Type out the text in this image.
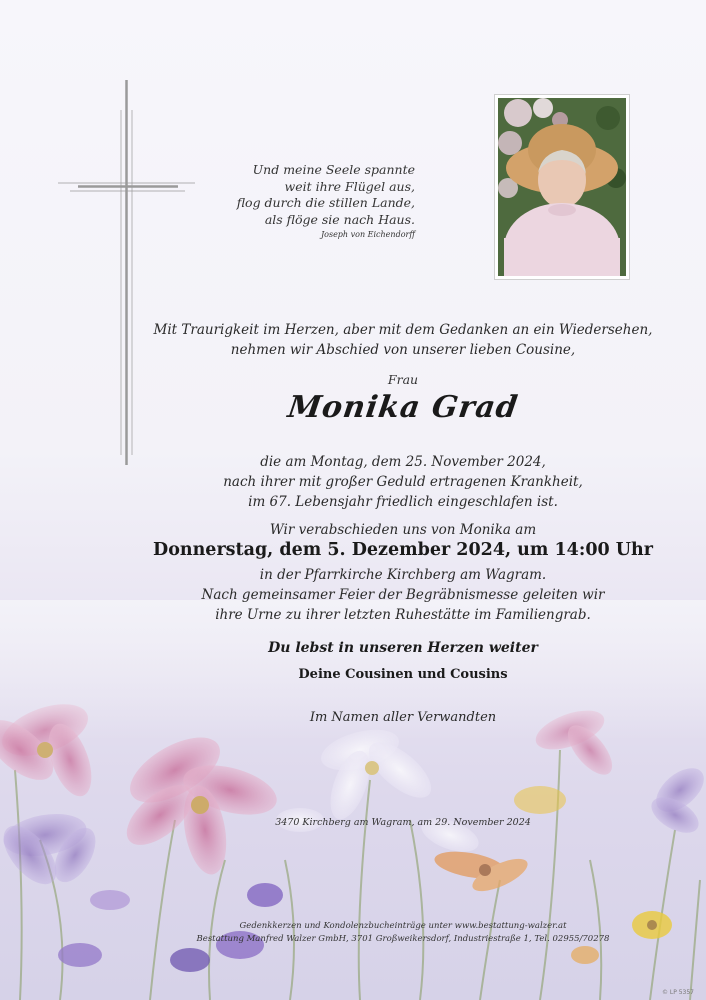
Und meine Seele spannte
weit ihre Flügel aus,
flog durch die stillen Lande,
als flöge sie nach Haus.
Joseph von Eichendorff
Mit Traurigkeit im Herzen, aber mit dem Gedanken an ein Wiedersehen,
nehmen wir Abschied von unserer lieben Cousine,
Frau
Monika Grad
die am Montag, dem 25. November 2024,
nach ihrer mit großer Geduld ertragenen Krankheit,
im 67. Lebensjahr friedlich eingeschlafen ist.
Wir verabschieden uns von Monika am
Donnerstag, dem 5. Dezember 2024, um 14:00 Uhr
in der Pfarrkirche Kirchberg am Wagram.
Nach gemeinsamer Feier der Begräbnismesse geleiten wir
ihre Urne zu ihrer letzten Ruhestätte im Familiengrab.
Du lebst in unseren Herzen weiter
Deine Cousinen und Cousins
Im Namen aller Verwandten
3470 Kirchberg am Wagram, am 29. November 2024
Gedenkkerzen und Kondolenzbucheinträge unter www.bestattung-walzer.at
Bestattung Manfred Walzer GmbH, 3701 Großweikersdorf, Industriestraße 1, Tel. 02955/70278
© LP 5357
